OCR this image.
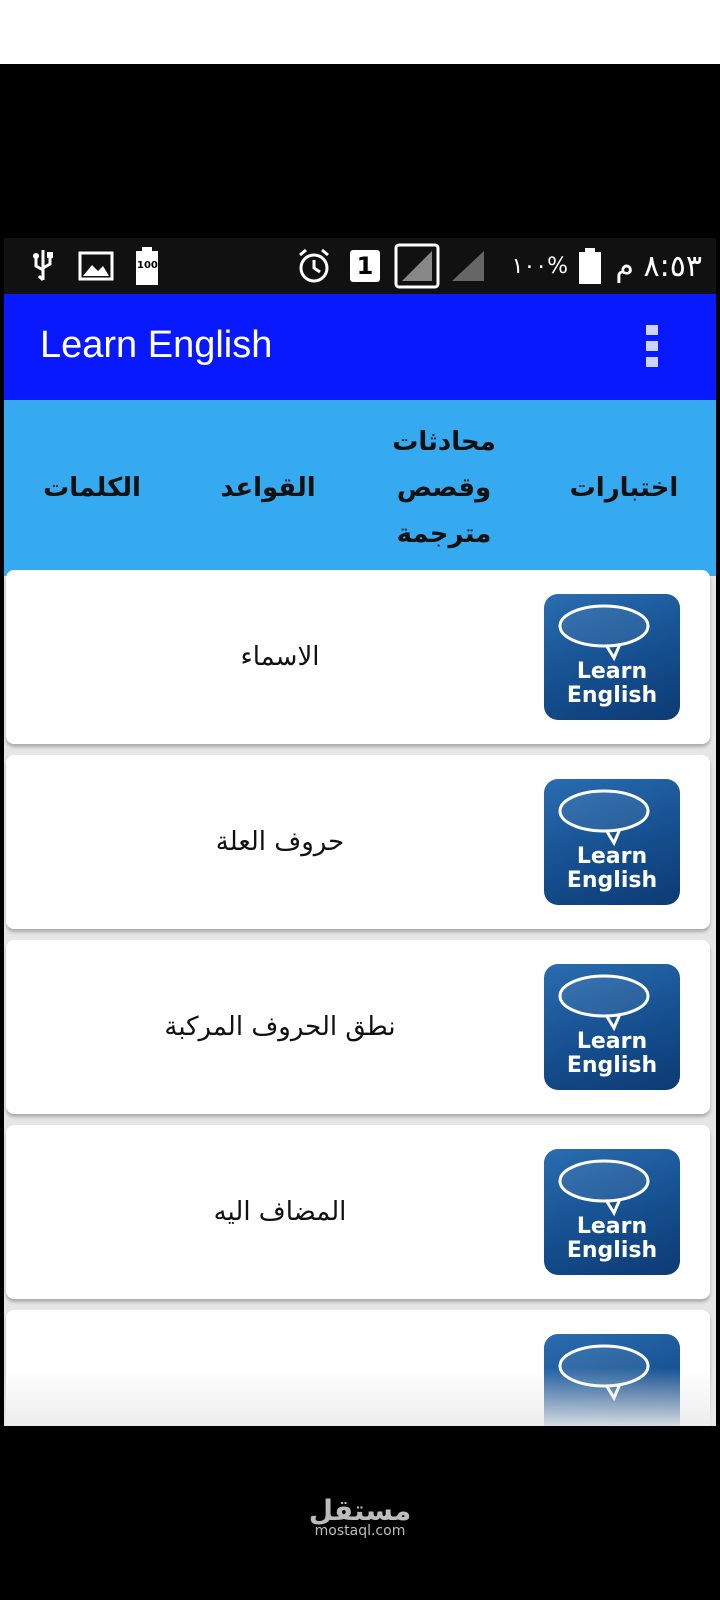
100	1	١٠٠% ٨:٥٣ م
Learn English
الكلمات	القواعد
محادثات
وقصص
مترجمة
اختبارات
الاسماء	Learn
English
حروف العلة	Learn
English
نطق الحروف المركبة	Learn
English
المضاف اليه	Learn
English
مستقل
mostaql.com
